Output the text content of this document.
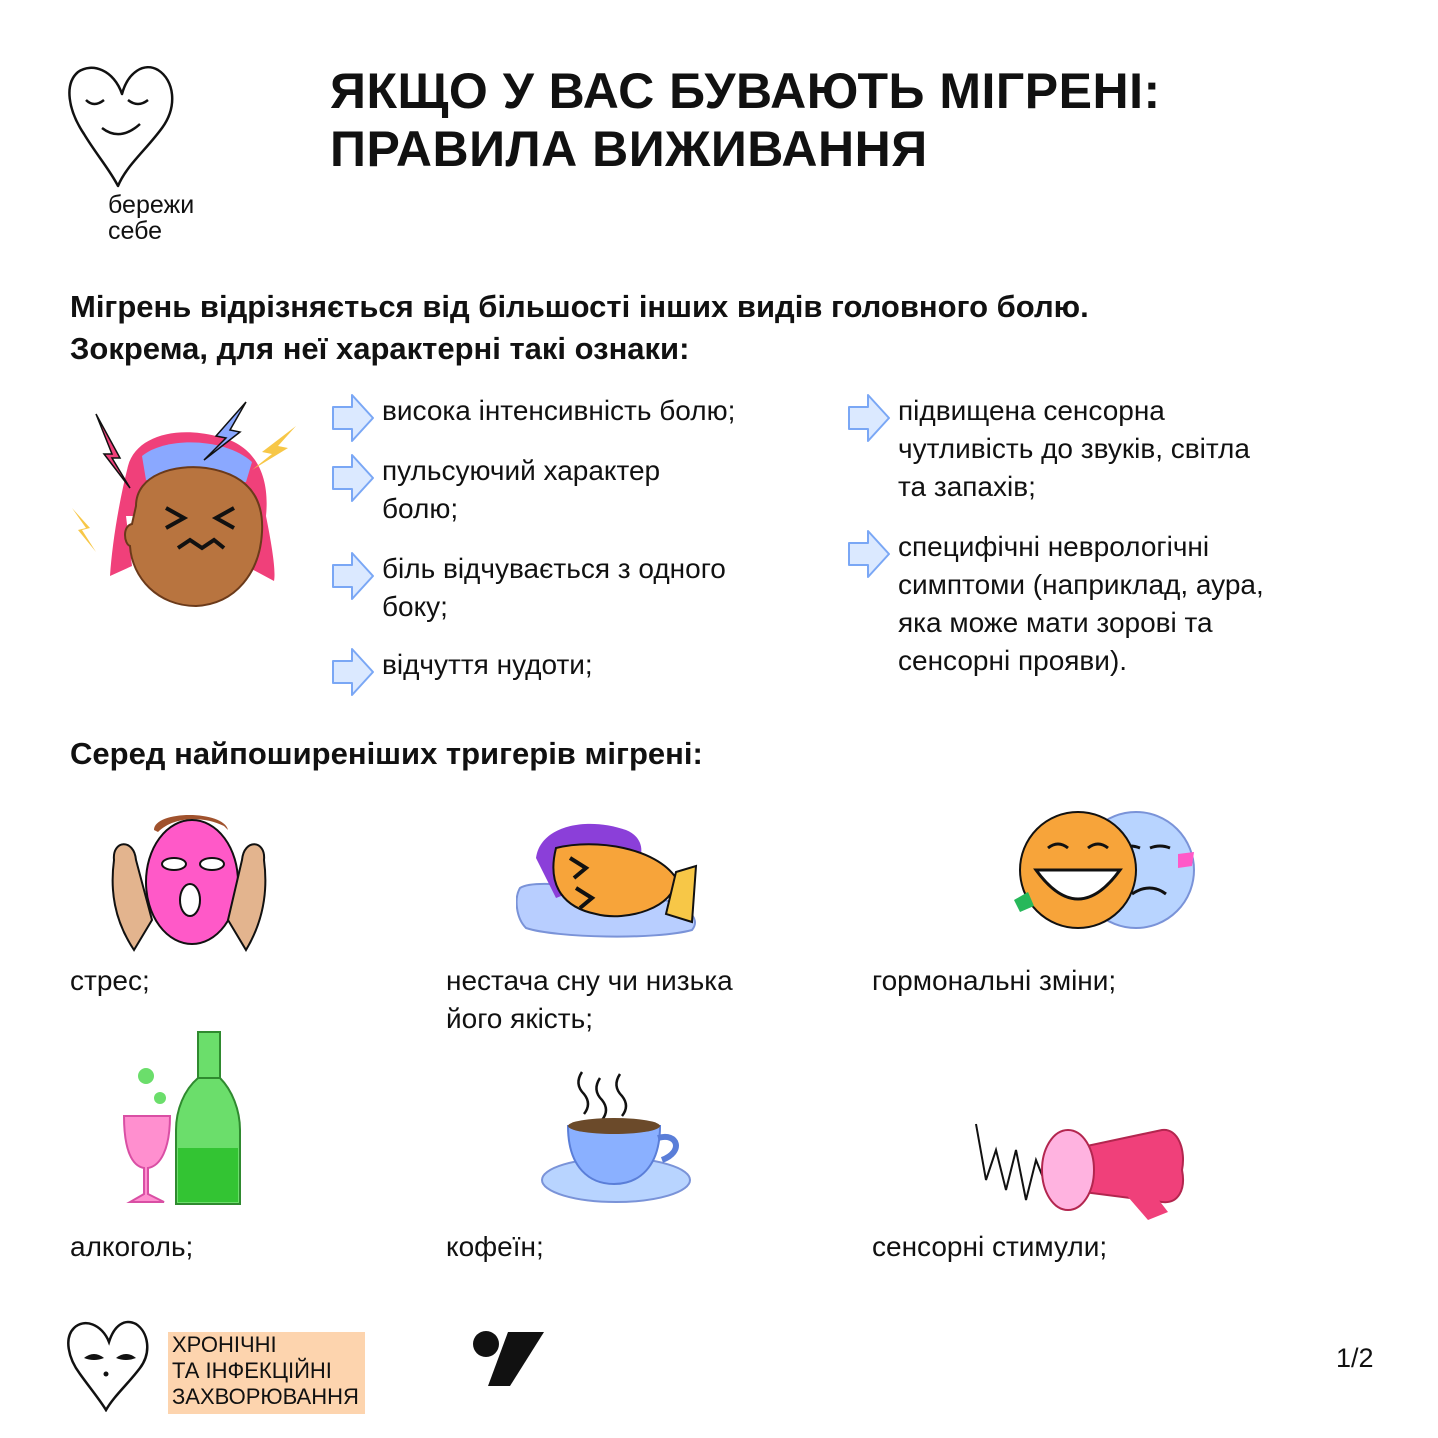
бережи
себе
ЯКЩО У ВАС БУВАЮТЬ МІГРЕНІ:
ПРАВИЛА ВИЖИВАННЯ
Мігрень відрізняється від більшості інших видів головного болю.
Зокрема, для неї характерні такі ознаки:
висока інтенсивність болю;
пульсуючий характер
болю;
біль відчувається з одного
боку;
відчуття нудоти;
підвищена сенсорна
чутливість до звуків, світла
та запахів;
специфічні неврологічні
симптоми (наприклад, аура,
яка може мати зорові та
сенсорні прояви).
Серед найпоширеніших тригерів мігрені:
стрес;	нестача сну чи низька
його якість;
гормональні зміни;
алкоголь;	кофеїн;	сенсорні стимули;
ХРОНІЧНІ
ТА ІНФЕКЦІЙНІ
ЗАХВОРЮВАННЯ
1/2
